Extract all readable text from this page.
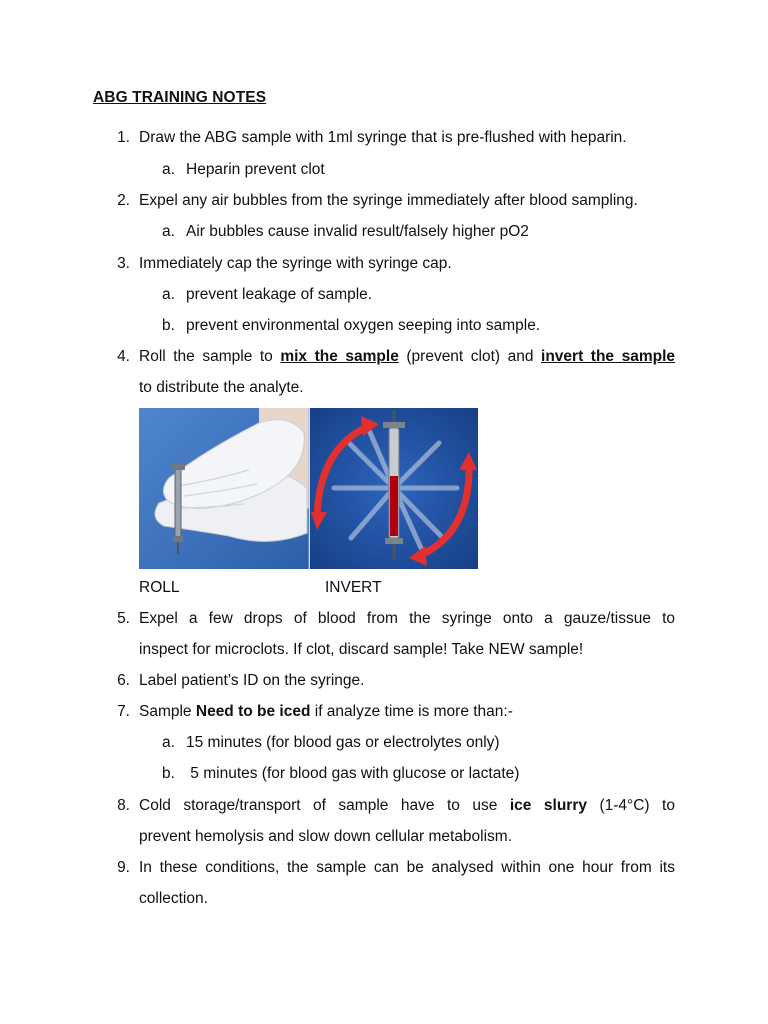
ABG TRAINING NOTES
1. Draw the ABG sample with 1ml syringe that is pre-flushed with heparin.
a. Heparin prevent clot
2. Expel any air bubbles from the syringe immediately after blood sampling.
a. Air bubbles cause invalid result/falsely higher pO2
3. Immediately cap the syringe with syringe cap.
a. prevent leakage of sample.
b. prevent environmental oxygen seeping into sample.
4. Roll the sample to mix the sample (prevent clot) and invert the sample
to distribute the analyte.
ROLL	INVERT
5. Expel a few drops of blood from the syringe onto a gauze/tissue to
inspect for microclots. If clot, discard sample! Take NEW sample!
6. Label patient’s ID on the syringe.
7. Sample Need to be iced if analyze time is more than:-
a. 15 minutes (for blood gas or electrolytes only)
b. 5 minutes (for blood gas with glucose or lactate)
8. Cold storage/transport of sample have to use ice slurry (1-4°C) to
prevent hemolysis and slow down cellular metabolism.
9. In these conditions, the sample can be analysed within one hour from its
collection.
